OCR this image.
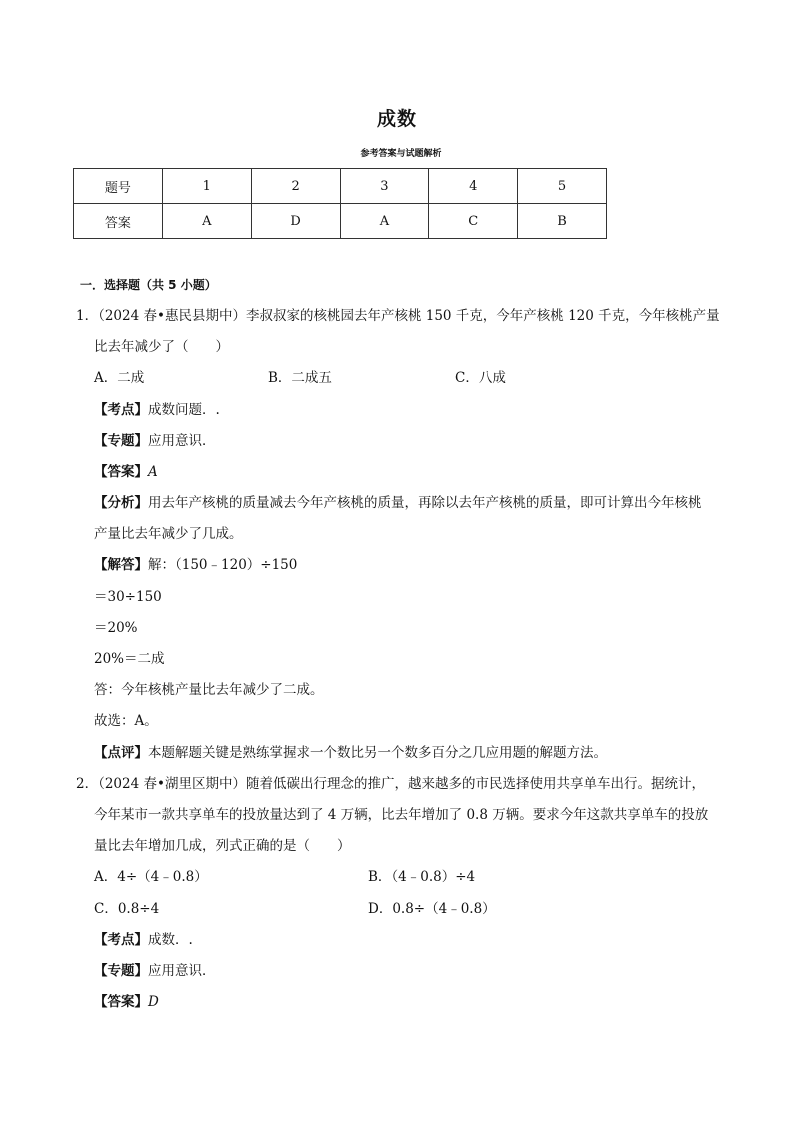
成数
参考答案与试题解析
题号	1	2	3	4	5
答案	A	D	A	C	B
一．选择题（共 5 小题）
1．（2024 春•惠民县期中）李叔叔家的核桃园去年产核桃 150 千克，今年产核桃 120 千克，今年核桃产量
比去年减少了（　　）
A．二成	B．二成五	C．八成
【考点】成数问题．.
【专题】应用意识．
【答案】A
【分析】用去年产核桃的质量减去今年产核桃的质量，再除以去年产核桃的质量，即可计算出今年核桃
产量比去年减少了几成。
【解答】解：（150﹣120）÷150
＝30÷150
＝20%
20%＝二成
答：今年核桃产量比去年减少了二成。
故选：A。
【点评】本题解题关键是熟练掌握求一个数比另一个数多百分之几应用题的解题方法。
2．（2024 春•湖里区期中）随着低碳出行理念的推广，越来越多的市民选择使用共享单车出行。据统计，
今年某市一款共享单车的投放量达到了 4 万辆，比去年增加了 0.8 万辆。要求今年这款共享单车的投放
量比去年增加几成，列式正确的是（　　）
A．4÷（4﹣0.8）	B．（4﹣0.8）÷4
C．0.8÷4	D．0.8÷（4﹣0.8）
【考点】成数．.
【专题】应用意识．
【答案】D
